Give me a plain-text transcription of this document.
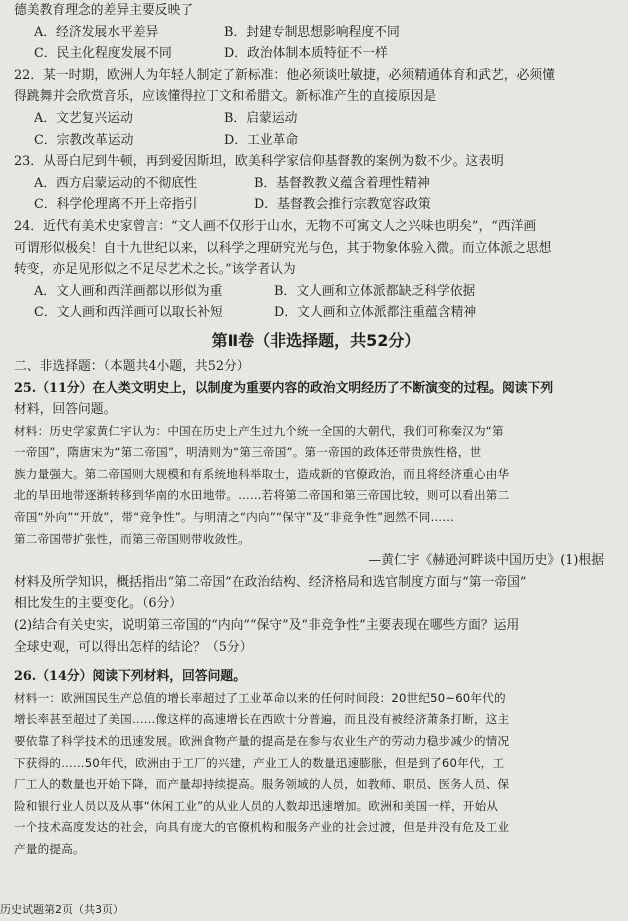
德美教育理念的差异主要反映了
A．经济发展水平差异	B．封建专制思想影响程度不同
C．民主化程度发展不同	D．政治体制本质特征不一样
22．某一时期，欧洲人为年轻人制定了新标准：他必须谈吐敏捷，必须精通体育和武艺，必须懂
得跳舞并会欣赏音乐，应该懂得拉丁文和希腊文。新标准产生的直接原因是
A．文艺复兴运动	B．启蒙运动
C．宗教改革运动	D．工业革命
23．从哥白尼到牛顿，再到爱因斯坦，欧美科学家信仰基督教的案例为数不少。这表明
A．西方启蒙运动的不彻底性	B．基督教教义蕴含着理性精神
C．科学伦理离不开上帝指引	D．基督教会推行宗教宽容政策
24．近代有美术史家曾言：“文人画不仅形于山水，无物不可寓文人之兴味也明矣”，“西洋画
可谓形似极矣！自十九世纪以来，以科学之理研究光与色，其于物象体验入微。而立体派之思想
转变，亦足见形似之不足尽艺术之长。”该学者认为
A．文人画和西洋画都以形似为重	B．文人画和立体派都缺乏科学依据
C．文人画和西洋画可以取长补短	D．文人画和立体派都注重蕴含精神
第Ⅱ卷（非选择题，共52分）
二、非选择题：（本题共4小题，共52分）
25.（11分）在人类文明史上，以制度为重要内容的政治文明经历了不断演变的过程。阅读下列
材料，回答问题。
材料：历史学家黄仁宇认为：中国在历史上产生过九个统一全国的大朝代，我们可称秦汉为“第
一帝国”，隋唐宋为“第二帝国”，明清则为“第三帝国”。第一帝国的政体还带贵族性格，世
族力量强大。第二帝国则大规模和有系统地科举取士，造成新的官僚政治，而且将经济重心由华
北的旱田地带逐渐转移到华南的水田地带。……若将第二帝国和第三帝国比较，则可以看出第二
帝国“外向”“开放”，带“竞争性”。与明清之“内向”“保守”及“非竞争性”迥然不同……
第二帝国带扩张性，而第三帝国则带收敛性。
—黄仁宇《赫逊河畔谈中国历史》(1)根据
材料及所学知识，概括指出“第二帝国”在政治结构、经济格局和选官制度方面与“第一帝国”
相比发生的主要变化。（6分）
(2)结合有关史实，说明第三帝国的“内向”“保守”及“非竞争性”主要表现在哪些方面？运用
全球史观，可以得出怎样的结论？（5分）
26.（14分）阅读下列材料，回答问题。
材料一：欧洲国民生产总值的增长率超过了工业革命以来的任何时间段：20世纪50~60年代的
增长率甚至超过了美国……像这样的高速增长在西欧十分普遍，而且没有被经济萧条打断，这主
要依靠了科学技术的迅速发展。欧洲食物产量的提高是在参与农业生产的劳动力稳步减少的情况
下获得的……50年代，欧洲由于工厂的兴建，产业工人的数量迅速膨胀，但是到了60年代，工
厂工人的数量也开始下降，而产量却持续提高。服务领域的人员，如教师、职员、医务人员、保
险和银行业人员以及从事“休闲工业”的从业人员的人数却迅速增加。欧洲和美国一样，开始从
一个技术高度发达的社会，向具有庞大的官僚机构和服务产业的社会过渡，但是并没有危及工业
产量的提高。
历史试题第2页（共3页）
